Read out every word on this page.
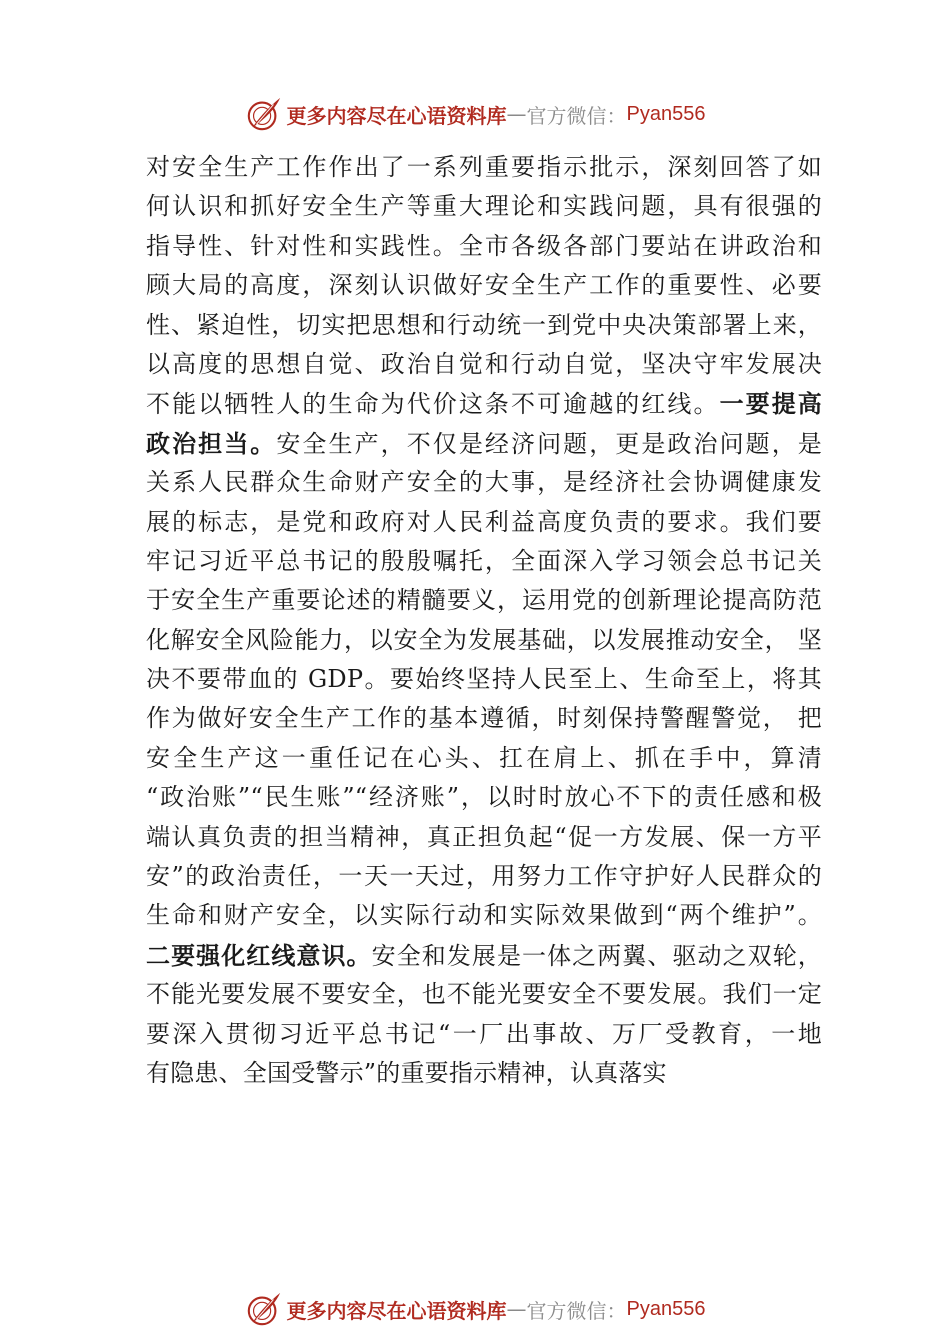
更多内容尽在心语资料库 — 官方微信： Pyan556
对安全生产工作作出了一系列重要指示批示，深刻回答了如
何认识和抓好安全生产等重大理论和实践问题，具有很强的
指导性、针对性和实践性。全市各级各部门要站在讲政治和
顾大局的高度，深刻认识做好安全生产工作的重要性、必要
性、紧迫性，切实把思想和行动统一到党中央决策部署上来，
以高度的思想自觉、政治自觉和行动自觉，坚决守牢发展决
不能以牺牲人的生命为代价这条不可逾越的红线。一要提高
政治担当。安全生产，不仅是经济问题，更是政治问题，是
关系人民群众生命财产安全的大事，是经济社会协调健康发
展的标志，是党和政府对人民利益高度负责的要求。我们要
牢记习近平总书记的殷殷嘱托，全面深入学习领会总书记关
于安全生产重要论述的精髓要义，运用党的创新理论提高防范
化解安全风险能力，以安全为发展基础，以发展推动安全， 坚
决不要带血的 GDP。要始终坚持人民至上、生命至上，将其
作为做好安全生产工作的基本遵循，时刻保持警醒警觉， 把
安全生产这一重任记在心头、扛在肩上、抓在手中，算清
“政治账”“民生账”“经济账”，以时时放心不下的责任感和极
端认真负责的担当精神，真正担负起“促一方发展、保一方平
安”的政治责任，一天一天过，用努力工作守护好人民群众的
生命和财产安全，以实际行动和实际效果做到“两个维护”。
二要强化红线意识。安全和发展是一体之两翼、驱动之双轮，
不能光要发展不要安全，也不能光要安全不要发展。我们一定
要深入贯彻习近平总书记“一厂出事故、万厂受教育，一地
有隐患、全国受警示”的重要指示精神，认真落实
更多内容尽在心语资料库 — 官方微信： Pyan556
